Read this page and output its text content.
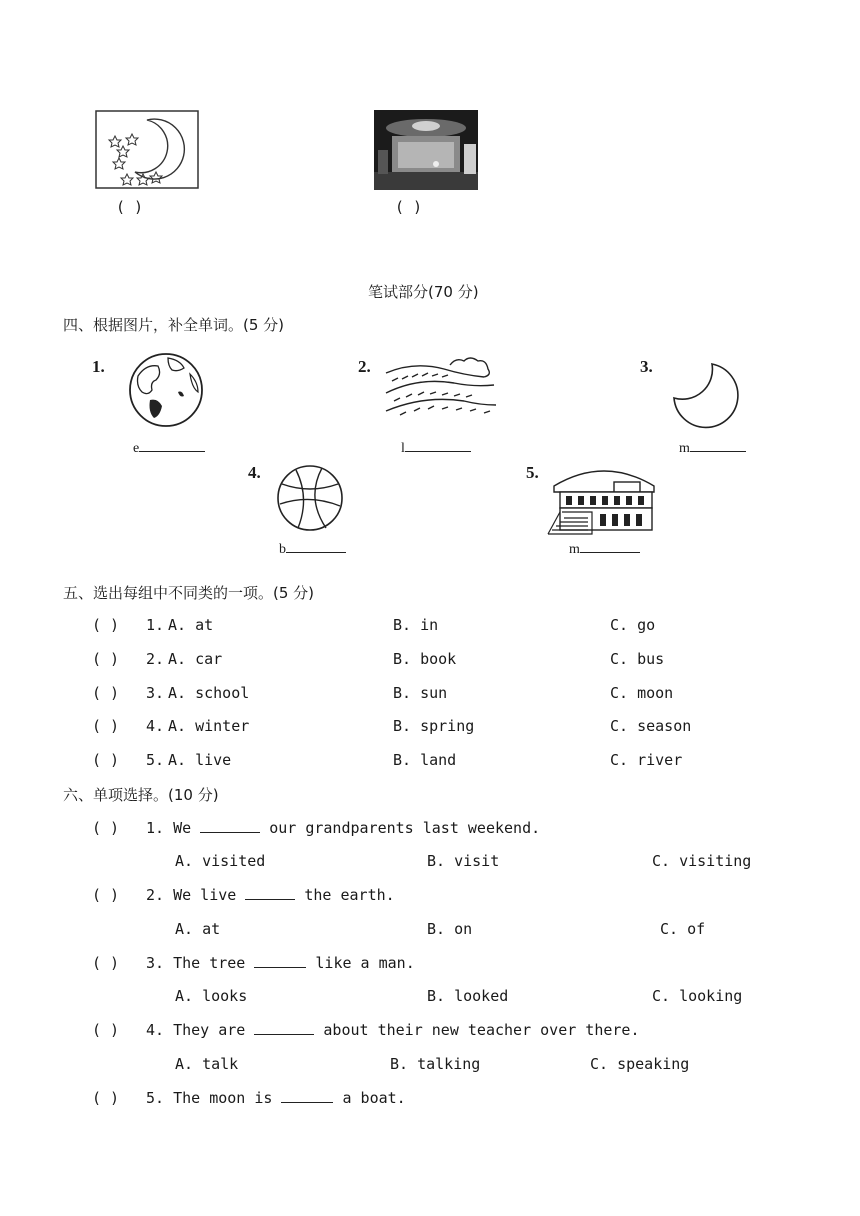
( )	( )
笔试部分(70 分)
四、根据图片，补全单词。(5 分)
1.
e
2.
l
3.
m
4.
b
5.
m
五、选出每组中不同类的一项。(5 分)
( ) 1. A. at	B. in	C. go
( ) 2. A. car	B. book	C. bus
( ) 3. A. school	B. sun	C. moon
( ) 4. A. winter	B. spring	C. season
( ) 5. A. live	B. land	C. river
六、单项选择。(10 分)
( ) 1. We	our grandparents last weekend.
A. visited	B. visit	C. visiting
( ) 2. We live	the earth.
A. at	B. on	C. of
( ) 3. The tree	like a man.
A. looks	B. looked	C. looking
( ) 4. They are	about their new teacher over there.
A. talk	B. talking	C. speaking
( ) 5. The moon is	a boat.
